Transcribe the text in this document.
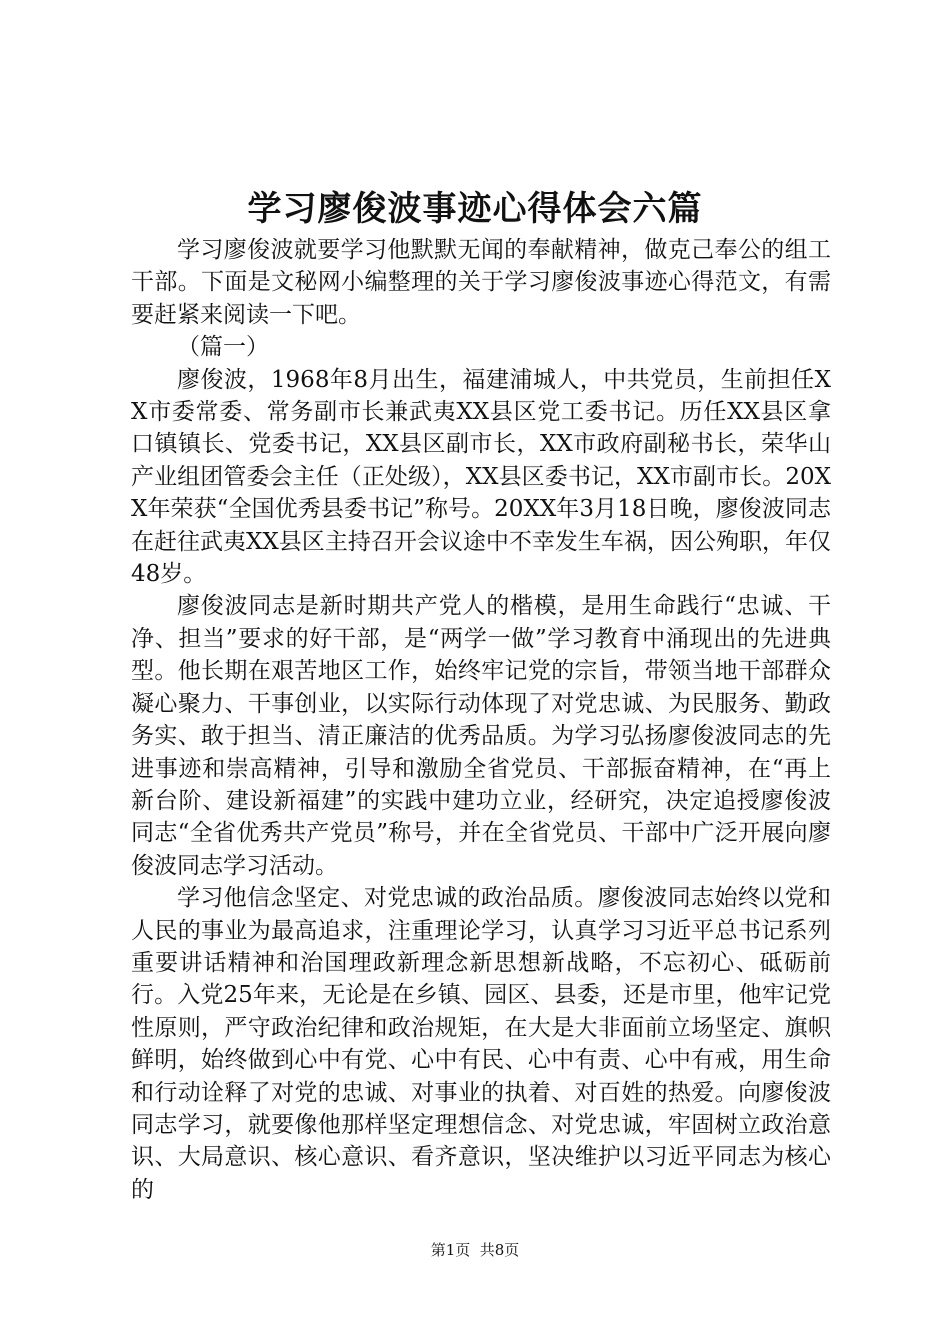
学习廖俊波事迹心得体会六篇

学习廖俊波就要学习他默默无闻的奉献精神，做克己奉公的组工干部。下面是文秘网小编整理的关于学习廖俊波事迹心得范文，有需要赶紧来阅读一下吧。

（篇一）

廖俊波，1968年8月出生，福建浦城人，中共党员，生前担任XX市委常委、常务副市长兼武夷XX县区党工委书记。历任XX县区拿口镇镇长、党委书记，XX县区副市长，XX市政府副秘书长，荣华山产业组团管委会主任（正处级），XX县区委书记，XX市副市长。20XX年荣获“全国优秀县委书记”称号。20XX年3月18日晚，廖俊波同志在赶往武夷XX县区主持召开会议途中不幸发生车祸，因公殉职，年仅48岁。

廖俊波同志是新时期共产党人的楷模，是用生命践行“忠诚、干净、担当”要求的好干部，是“两学一做”学习教育中涌现出的先进典型。他长期在艰苦地区工作，始终牢记党的宗旨，带领当地干部群众凝心聚力、干事创业，以实际行动体现了对党忠诚、为民服务、勤政务实、敢于担当、清正廉洁的优秀品质。为学习弘扬廖俊波同志的先进事迹和崇高精神，引导和激励全省党员、干部振奋精神，在“再上新台阶、建设新福建”的实践中建功立业，经研究，决定追授廖俊波同志“全省优秀共产党员”称号，并在全省党员、干部中广泛开展向廖俊波同志学习活动。

学习他信念坚定、对党忠诚的政治品质。廖俊波同志始终以党和人民的事业为最高追求，注重理论学习，认真学习习近平总书记系列重要讲话精神和治国理政新理念新思想新战略，不忘初心、砥砺前行。入党25年来，无论是在乡镇、园区、县委，还是市里，他牢记党性原则，严守政治纪律和政治规矩，在大是大非面前立场坚定、旗帜鲜明，始终做到心中有党、心中有民、心中有责、心中有戒，用生命和行动诠释了对党的忠诚、对事业的执着、对百姓的热爱。向廖俊波同志学习，就要像他那样坚定理想信念、对党忠诚，牢固树立政治意识、大局意识、核心意识、看齐意识，坚决维护以习近平同志为核心的

第1页  共8页
